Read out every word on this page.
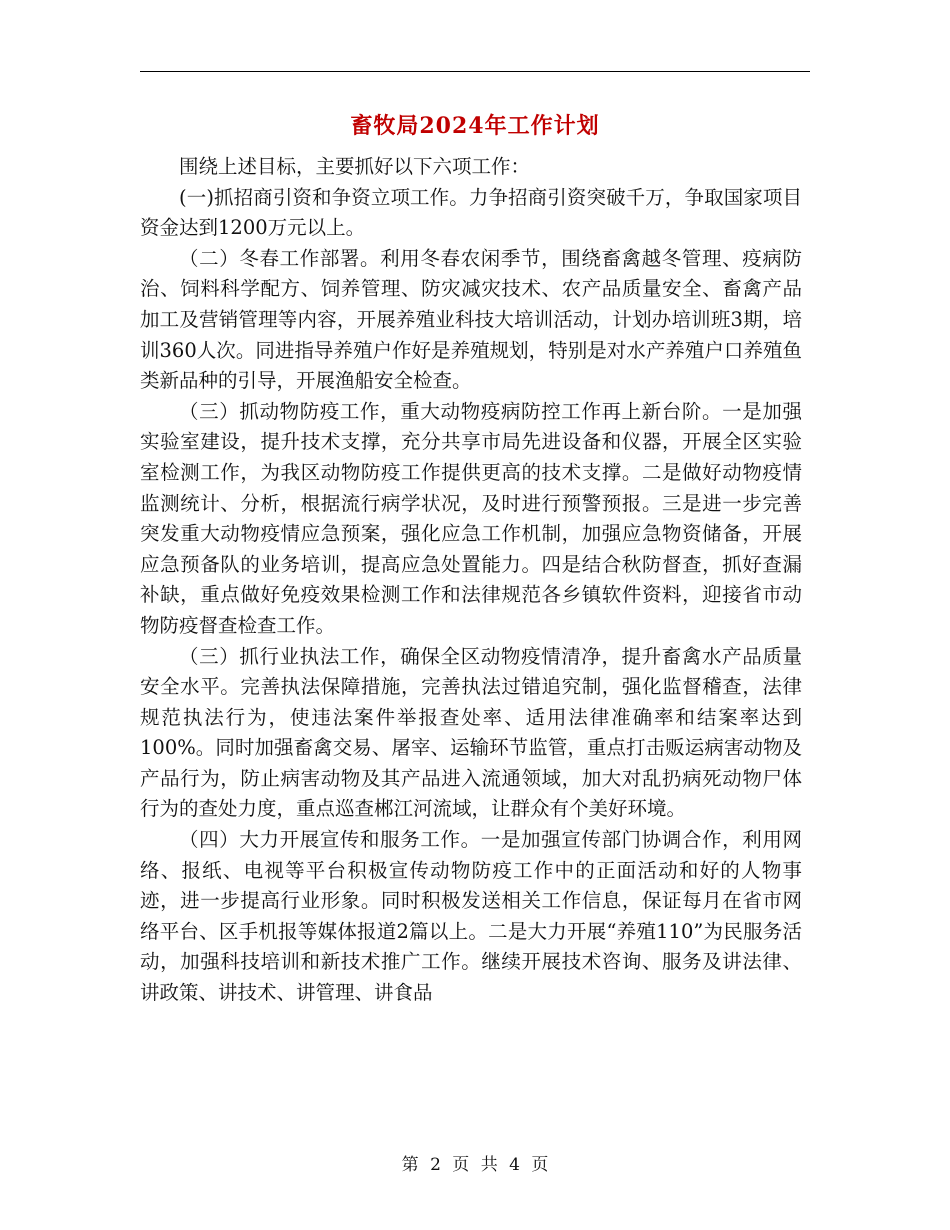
畜牧局2024年工作计划

围绕上述目标，主要抓好以下六项工作：

(一)抓招商引资和争资立项工作。力争招商引资突破千万，争取国家项目资金达到1200万元以上。

（二）冬春工作部署。利用冬春农闲季节，围绕畜禽越冬管理、疫病防治、饲料科学配方、饲养管理、防灾减灾技术、农产品质量安全、畜禽产品加工及营销管理等内容，开展养殖业科技大培训活动，计划办培训班3期，培训360人次。同进指导养殖户作好是养殖规划，特别是对水产养殖户口养殖鱼类新品种的引导，开展渔船安全检查。

（三）抓动物防疫工作，重大动物疫病防控工作再上新台阶。一是加强实验室建设，提升技术支撑，充分共享市局先进设备和仪器，开展全区实验室检测工作，为我区动物防疫工作提供更高的技术支撑。二是做好动物疫情监测统计、分析，根据流行病学状况，及时进行预警预报。三是进一步完善突发重大动物疫情应急预案，强化应急工作机制，加强应急物资储备，开展应急预备队的业务培训，提高应急处置能力。四是结合秋防督查，抓好查漏补缺，重点做好免疫效果检测工作和法律规范各乡镇软件资料，迎接省市动物防疫督查检查工作。

（三）抓行业执法工作，确保全区动物疫情清净，提升畜禽水产品质量安全水平。完善执法保障措施，完善执法过错追究制，强化监督稽查，法律规范执法行为，使违法案件举报查处率、适用法律准确率和结案率达到100%。同时加强畜禽交易、屠宰、运输环节监管，重点打击贩运病害动物及产品行为，防止病害动物及其产品进入流通领域，加大对乱扔病死动物尸体行为的查处力度，重点巡查郴江河流域，让群众有个美好环境。

（四）大力开展宣传和服务工作。一是加强宣传部门协调合作，利用网络、报纸、电视等平台积极宣传动物防疫工作中的正面活动和好的人物事迹，进一步提高行业形象。同时积极发送相关工作信息，保证每月在省市网络平台、区手机报等媒体报道2篇以上。二是大力开展“养殖110”为民服务活动，加强科技培训和新技术推广工作。继续开展技术咨询、服务及讲法律、讲政策、讲技术、讲管理、讲食品

第 2 页 共 4 页
